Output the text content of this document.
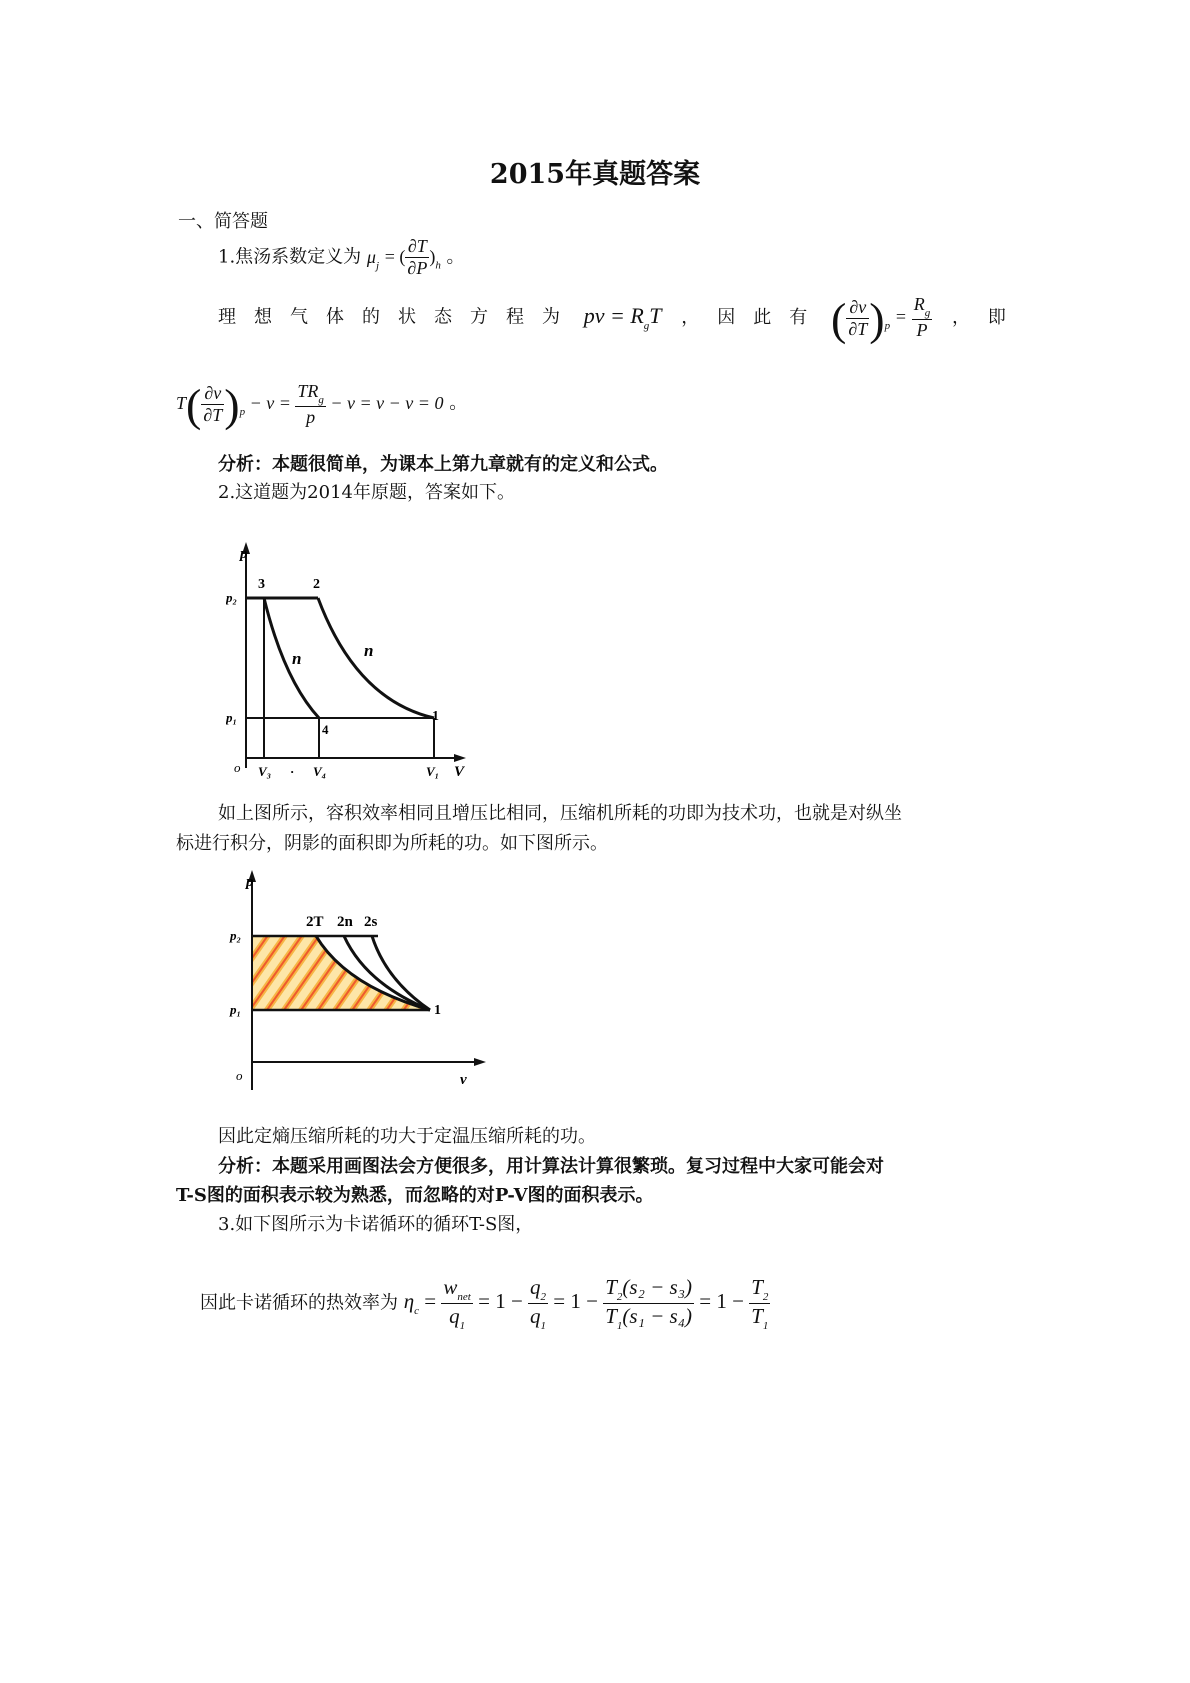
2015年真题答案
一、简答题
1.焦汤系数定义为 $\mu_j$ = ( $\frac{\partial T}{\partial P} )_h$ 。
理想气体的状态方程为 pv = $R_gT$ ，因此有 ( $\frac{\partial v}{\partial T} )_p = \frac{R_g}{P}$ ，即
$T( \frac{\partial v}{\partial T} )_p - v = \frac{TR_g}{p} - v = v - v = 0$ 。
分析：本题很简单，为课本上第九章就有的定义和公式。
2.这道题为2014年原题，答案如下。
p
p₂
p₁
3	2
1
4
n	n
o V₃ · V₄	V₁ V
如上图所示，容积效率相同且增压比相同，压缩机所耗的功即为技术功，也就是对纵坐
标进行积分，阴影的面积即为所耗的功。如下图所示。
p
p₂
p₁
2T 2n 2s
1
o	v
因此定熵压缩所耗的功大于定温压缩所耗的功。
分析：本题采用画图法会方便很多，用计算法计算很繁琐。复习过程中大家可能会对
T-S图的面积表示较为熟悉，而忽略的对P-V图的面积表示。
3.如下图所示为卡诺循环的循环T-S图，
因此卡诺循环的热效率为 $\eta_c = \frac{w_{net}}{q_1} = 1 - \frac{q_2}{q_1} = 1 - \frac{T_2(s_2 - s_3)}{T_1(s_1 - s_4)} = 1 - \frac{T_2}{T_1}$
